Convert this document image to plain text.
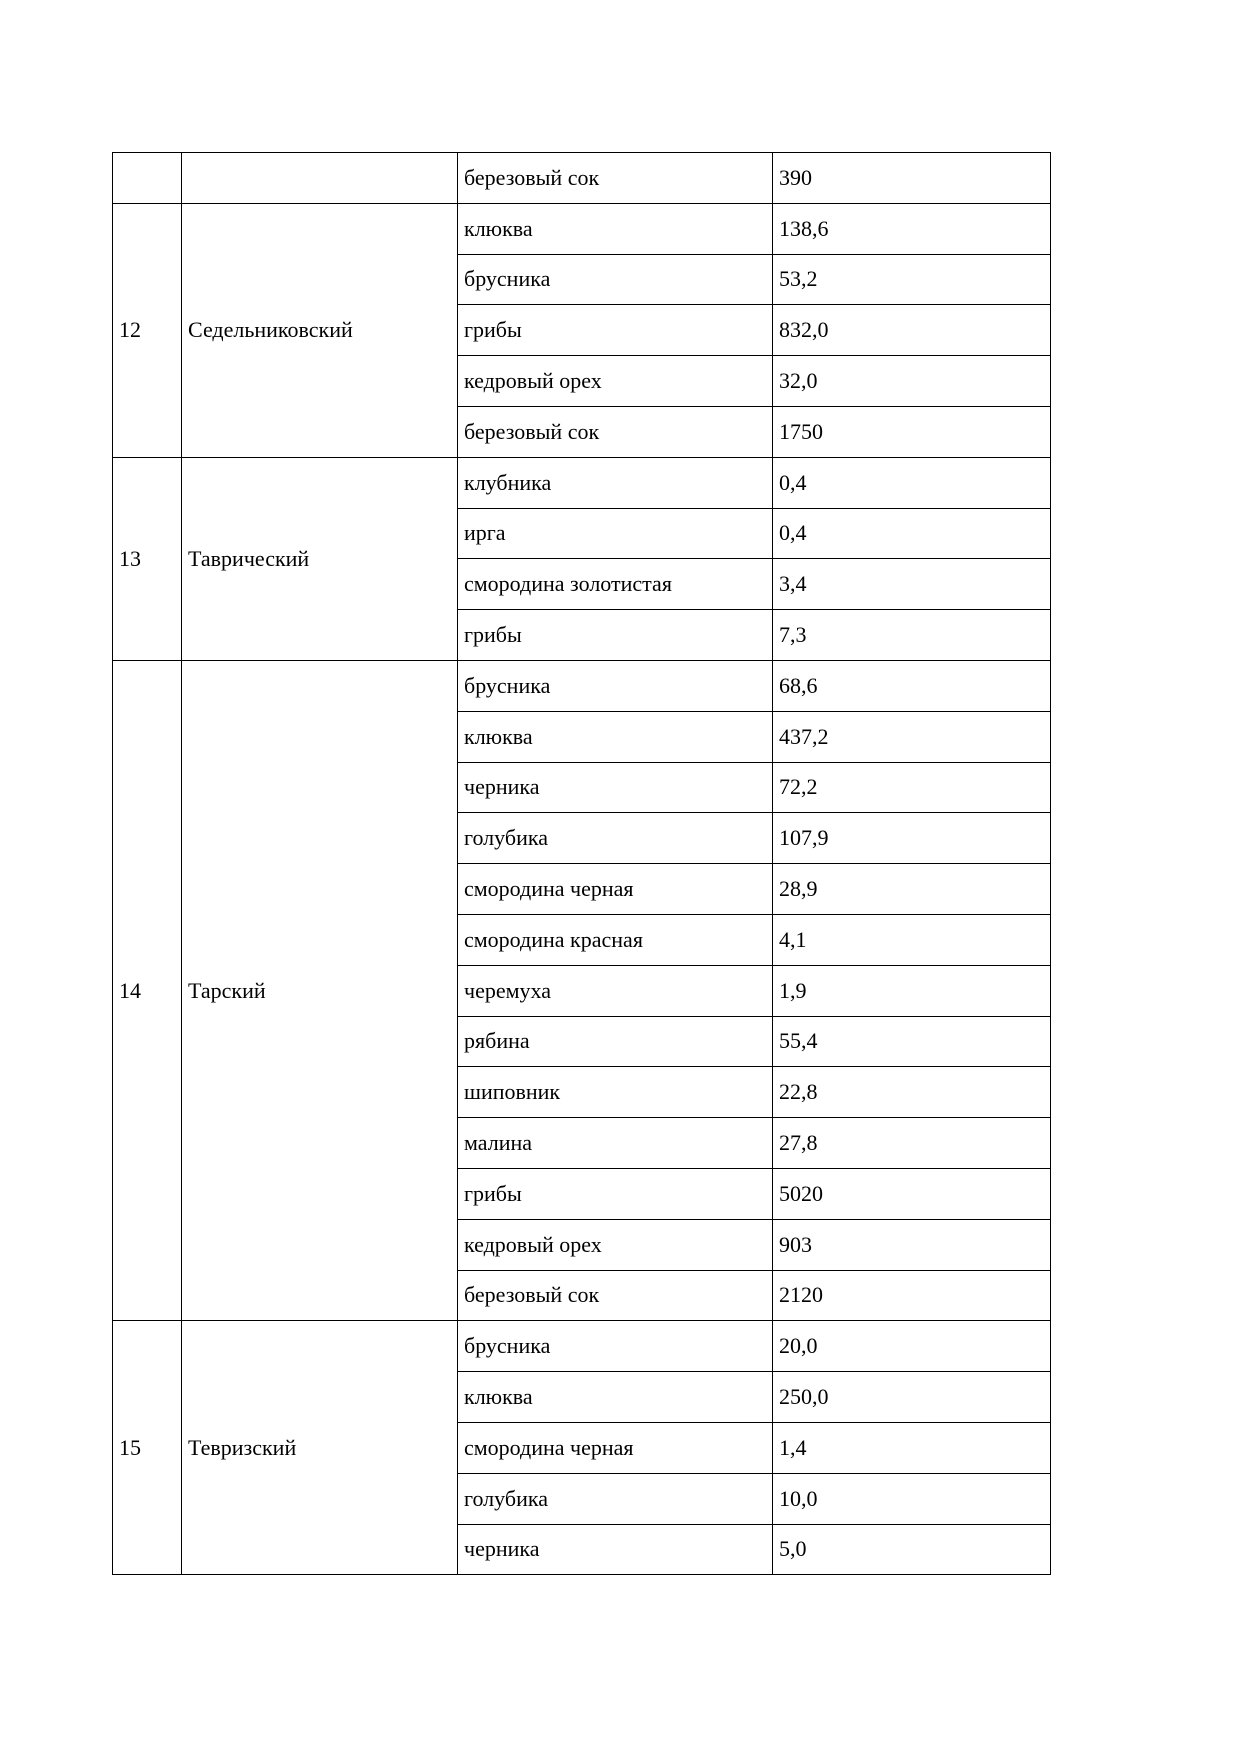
		березовый сок	390
12	Седельниковский	клюква	138,6
		брусника	53,2
		грибы	832,0
		кедровый орех	32,0
		березовый сок	1750
13	Таврический	клубника	0,4
		ирга	0,4
		смородина золотистая	3,4
		грибы	7,3
14	Тарский	брусника	68,6
		клюква	437,2
		черника	72,2
		голубика	107,9
		смородина черная	28,9
		смородина красная	4,1
		черемуха	1,9
		рябина	55,4
		шиповник	22,8
		малина	27,8
		грибы	5020
		кедровый орех	903
		березовый сок	2120
15	Тевризский	брусника	20,0
		клюква	250,0
		смородина черная	1,4
		голубика	10,0
		черника	5,0
